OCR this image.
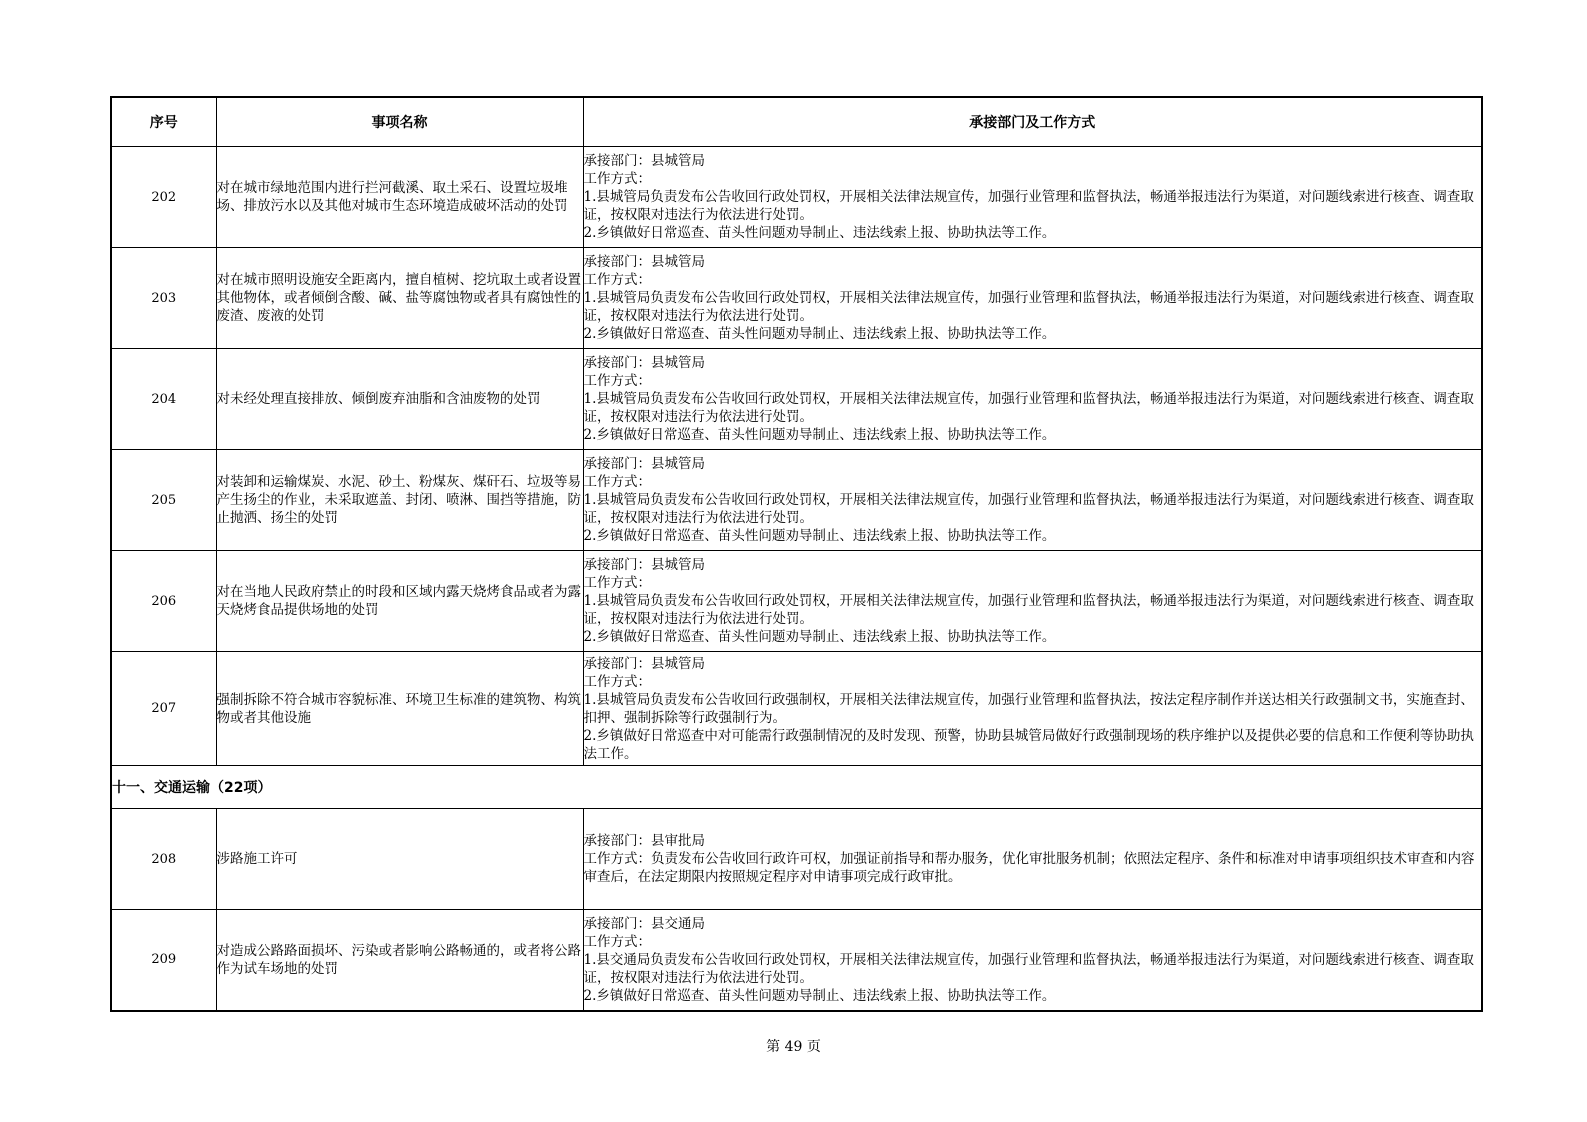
序号	事项名称	承接部门及工作方式
202	对在城市绿地范围内进行拦河截溪、取土采石、设置垃圾堆场、排放污水以及其他对城市生态环境造成破坏活动的处罚	承接部门：县城管局
工作方式：
1.县城管局负责发布公告收回行政处罚权，开展相关法律法规宣传，加强行业管理和监督执法，畅通举报违法行为渠道，对问题线索进行核查、调查取证，按权限对违法行为依法进行处罚。
2.乡镇做好日常巡查、苗头性问题劝导制止、违法线索上报、协助执法等工作。

203	对在城市照明设施安全距离内，擅自植树、挖坑取土或者设置其他物体，或者倾倒含酸、碱、盐等腐蚀物或者具有腐蚀性的废渣、废液的处罚	承接部门：县城管局
工作方式：
1.县城管局负责发布公告收回行政处罚权，开展相关法律法规宣传，加强行业管理和监督执法，畅通举报违法行为渠道，对问题线索进行核查、调查取证，按权限对违法行为依法进行处罚。
2.乡镇做好日常巡查、苗头性问题劝导制止、违法线索上报、协助执法等工作。

204	对未经处理直接排放、倾倒废弃油脂和含油废物的处罚	承接部门：县城管局
工作方式：
1.县城管局负责发布公告收回行政处罚权，开展相关法律法规宣传，加强行业管理和监督执法，畅通举报违法行为渠道，对问题线索进行核查、调查取证，按权限对违法行为依法进行处罚。
2.乡镇做好日常巡查、苗头性问题劝导制止、违法线索上报、协助执法等工作。

205	对装卸和运输煤炭、水泥、砂土、粉煤灰、煤矸石、垃圾等易产生扬尘的作业，未采取遮盖、封闭、喷淋、围挡等措施，防止抛洒、扬尘的处罚	承接部门：县城管局
工作方式：
1.县城管局负责发布公告收回行政处罚权，开展相关法律法规宣传，加强行业管理和监督执法，畅通举报违法行为渠道，对问题线索进行核查、调查取证，按权限对违法行为依法进行处罚。
2.乡镇做好日常巡查、苗头性问题劝导制止、违法线索上报、协助执法等工作。

206	对在当地人民政府禁止的时段和区域内露天烧烤食品或者为露天烧烤食品提供场地的处罚	承接部门：县城管局
工作方式：
1.县城管局负责发布公告收回行政处罚权，开展相关法律法规宣传，加强行业管理和监督执法，畅通举报违法行为渠道，对问题线索进行核查、调查取证，按权限对违法行为依法进行处罚。
2.乡镇做好日常巡查、苗头性问题劝导制止、违法线索上报、协助执法等工作。

207	强制拆除不符合城市容貌标准、环境卫生标准的建筑物、构筑物或者其他设施	承接部门：县城管局
工作方式：
1.县城管局负责发布公告收回行政强制权，开展相关法律法规宣传，加强行业管理和监督执法，按法定程序制作并送达相关行政强制文书，实施查封、扣押、强制拆除等行政强制行为。
2.乡镇做好日常巡查中对可能需行政强制情况的及时发现、预警，协助县城管局做好行政强制现场的秩序维护以及提供必要的信息和工作便利等协助执法工作。

十一、交通运输（22项）		
208	涉路施工许可	承接部门：县审批局
工作方式：负责发布公告收回行政许可权，加强证前指导和帮办服务，优化审批服务机制；依照法定程序、条件和标准对申请事项组织技术审查和内容审查后，在法定期限内按照规定程序对申请事项完成行政审批。

209	对造成公路路面损坏、污染或者影响公路畅通的，或者将公路作为试车场地的处罚	承接部门：县交通局
工作方式：
1.县交通局负责发布公告收回行政处罚权，开展相关法律法规宣传，加强行业管理和监督执法，畅通举报违法行为渠道，对问题线索进行核查、调查取证，按权限对违法行为依法进行处罚。
2.乡镇做好日常巡查、苗头性问题劝导制止、违法线索上报、协助执法等工作。
第 49 页
